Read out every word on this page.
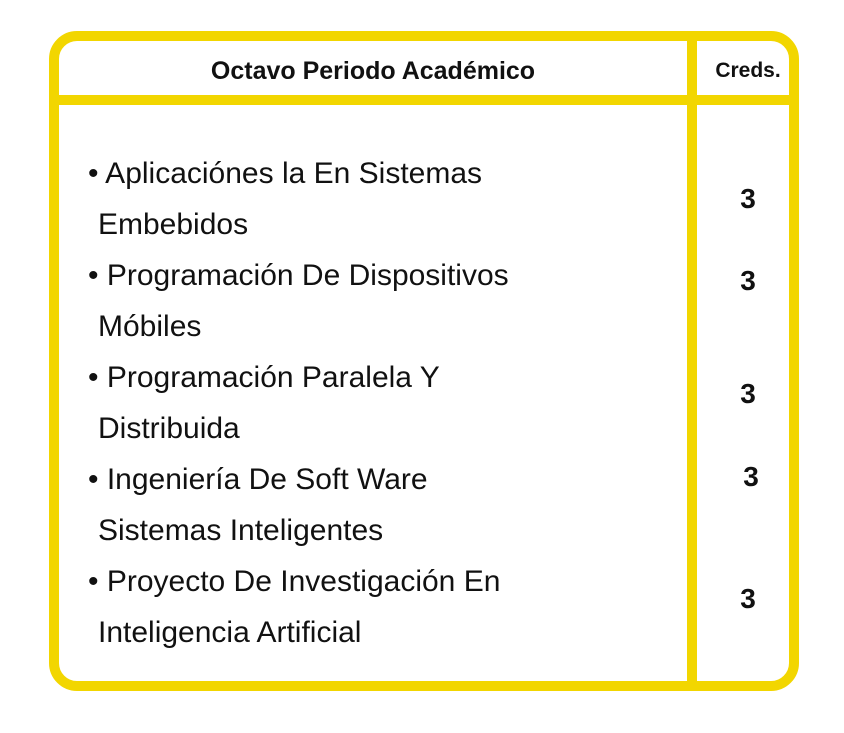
Octavo Periodo Académico	Creds.
• Aplicaciónes la En Sistemas
Embebidos
• Programación De Dispositivos
Móbiles
• Programación Paralela Y
Distribuida
• Ingeniería De Soft Ware
Sistemas Inteligentes
• Proyecto De Investigación En
Inteligencia Artificial
3
3
3
3
3
